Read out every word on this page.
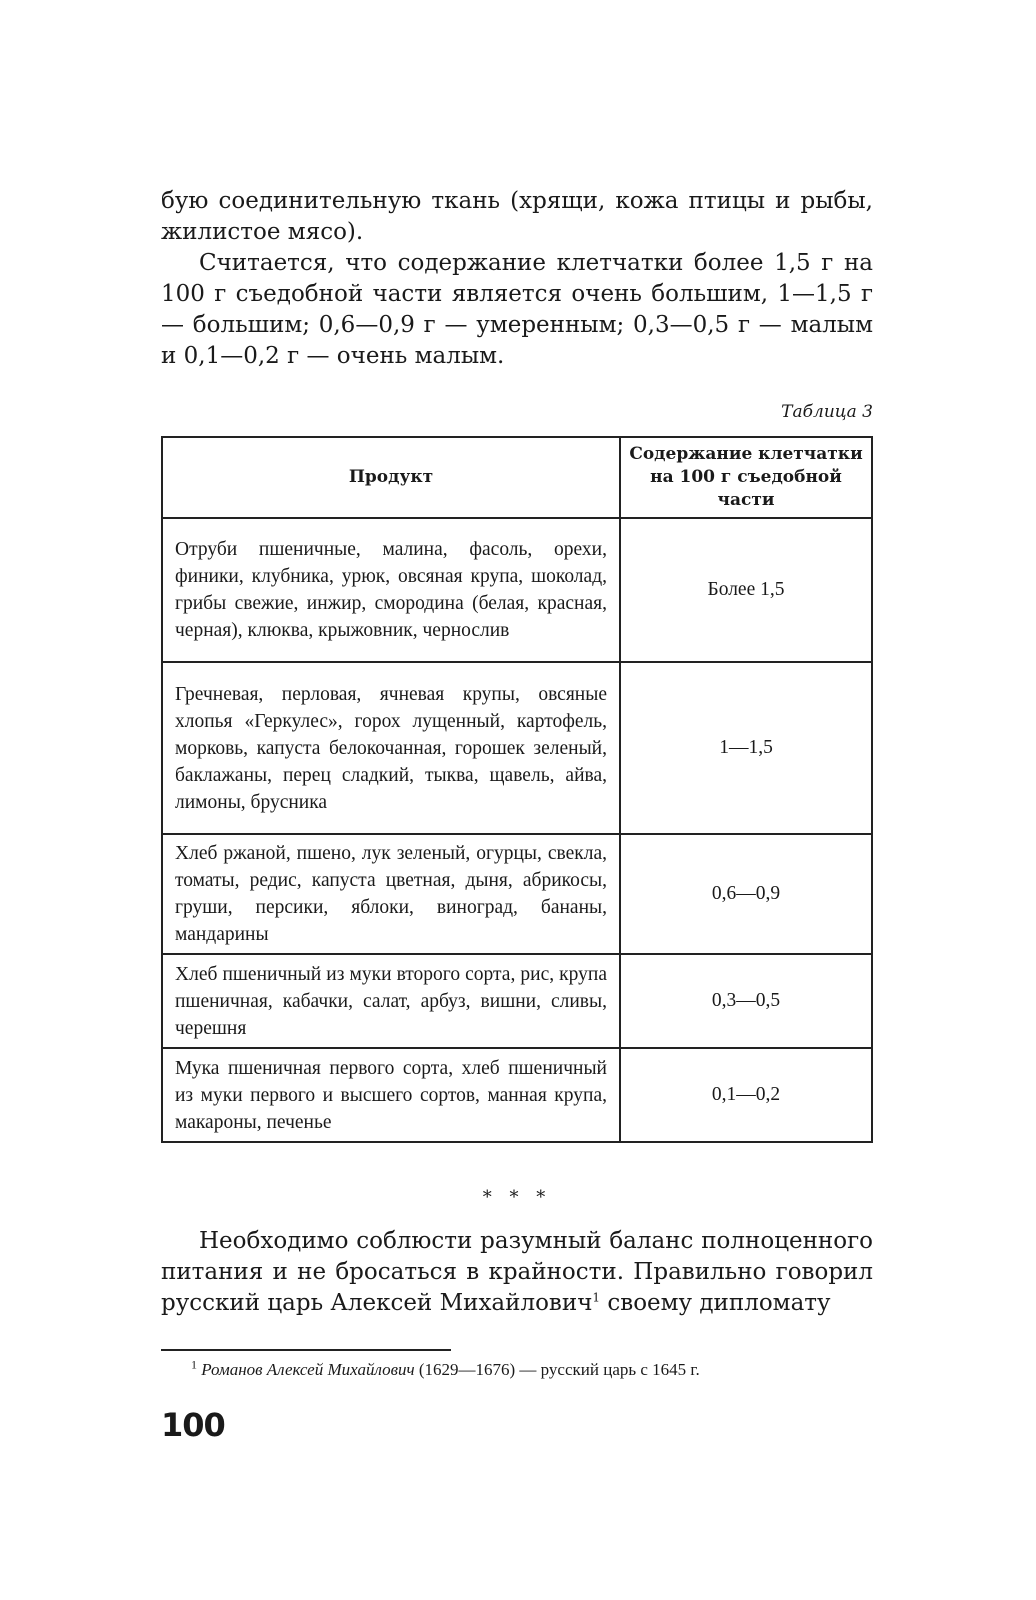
бую соединительную ткань (хрящи, кожа птицы и рыбы, жилистое мясо).

Считается, что содержание клетчатки более 1,5 г на 100 г съедобной части является очень большим, 1—1,5 г — большим; 0,6—0,9 г — умеренным; 0,3—0,5 г — малым и 0,1—0,2 г — очень малым.

Таблица 3
Продукт	Содержание клетчатки на 100 г съедобной части
Отруби пшеничные, малина, фасоль, орехи, финики, клубника, урюк, овсяная крупа, шоколад, грибы свежие, инжир, смородина (белая, красная, черная), клюква, крыжовник, чернослив	Более 1,5
Гречневая, перловая, ячневая крупы, овсяные хлопья «Геркулес», горох лущенный, картофель, морковь, капуста белокочанная, горошек зеленый, баклажаны, перец сладкий, тыква, щавель, айва, лимоны, брусника	1—1,5
Хлеб ржаной, пшено, лук зеленый, огурцы, свекла, томаты, редис, капуста цветная, дыня, абрикосы, груши, персики, яблоки, виноград, бананы, мандарины	0,6—0,9
Хлеб пшеничный из муки второго сорта, рис, крупа пшеничная, кабачки, салат, арбуз, вишни, сливы, черешня	0,3—0,5
Мука пшеничная первого сорта, хлеб пшеничный из муки первого и высшего сортов, манная крупа, макароны, печенье	0,1—0,2
* * *

Необходимо соблюсти разумный баланс полноценного питания и не бросаться в крайности. Правильно говорил русский царь Алексей Михайлович$^1$ своему дипломату

$^1$ Романов Алексей Михайлович (1629—1676) — русский царь с 1645 г.
100
